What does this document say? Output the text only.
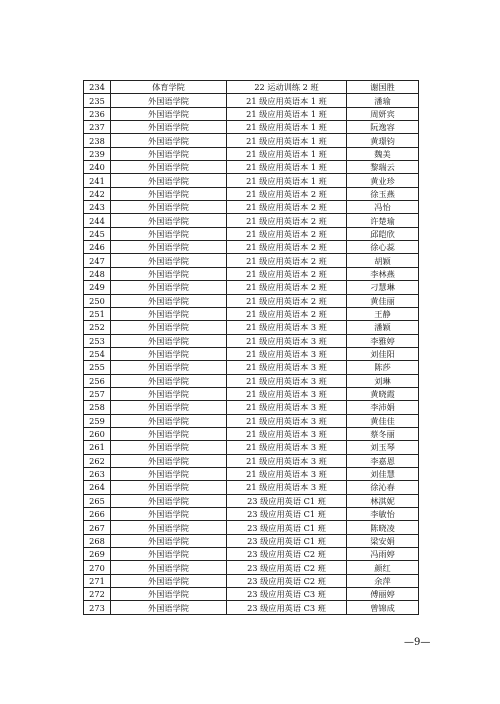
234	体育学院	22 运动训练 2 班	谢国胜
235	外国语学院	21 级应用英语本 1 班	潘瑜
236	外国语学院	21 级应用英语本 1 班	周妍宾
237	外国语学院	21 级应用英语本 1 班	阮逸容
238	外国语学院	21 级应用英语本 1 班	黄璟钧
239	外国语学院	21 级应用英语本 1 班	魏美
240	外国语学院	21 级应用英语本 1 班	黎瑞云
241	外国语学院	21 级应用英语本 1 班	黄业珍
242	外国语学院	21 级应用英语本 2 班	徐玉燕
243	外国语学院	21 级应用英语本 2 班	冯怡
244	外国语学院	21 级应用英语本 2 班	许楚瑜
245	外国语学院	21 级应用英语本 2 班	邱皑欣
246	外国语学院	21 级应用英语本 2 班	徐心蕊
247	外国语学院	21 级应用英语本 2 班	胡颖
248	外国语学院	21 级应用英语本 2 班	李林燕
249	外国语学院	21 级应用英语本 2 班	刁慧琳
250	外国语学院	21 级应用英语本 2 班	黄佳丽
251	外国语学院	21 级应用英语本 2 班	王静
252	外国语学院	21 级应用英语本 3 班	潘颖
253	外国语学院	21 级应用英语本 3 班	李雅婷
254	外国语学院	21 级应用英语本 3 班	刘佳阳
255	外国语学院	21 级应用英语本 3 班	陈莎
256	外国语学院	21 级应用英语本 3 班	刘琳
257	外国语学院	21 级应用英语本 3 班	黄晓霞
258	外国语学院	21 级应用英语本 3 班	李沛娟
259	外国语学院	21 级应用英语本 3 班	黄佳佳
260	外国语学院	21 级应用英语本 3 班	蔡冬丽
261	外国语学院	21 级应用英语本 3 班	刘玉琴
262	外国语学院	21 级应用英语本 3 班	李嘉恩
263	外国语学院	21 级应用英语本 3 班	刘佳慧
264	外国语学院	21 级应用英语本 3 班	徐沁春
265	外国语学院	23 级应用英语 C1 班	林淇妮
266	外国语学院	23 级应用英语 C1 班	李敏怡
267	外国语学院	23 级应用英语 C1 班	陈晓凌
268	外国语学院	23 级应用英语 C1 班	梁安娟
269	外国语学院	23 级应用英语 C2 班	冯雨婷
270	外国语学院	23 级应用英语 C2 班	颜红
271	外国语学院	23 级应用英语 C2 班	余萍
272	外国语学院	23 级应用英语 C3 班	傅丽婷
273	外国语学院	23 级应用英语 C3 班	曾锦成
—9—
